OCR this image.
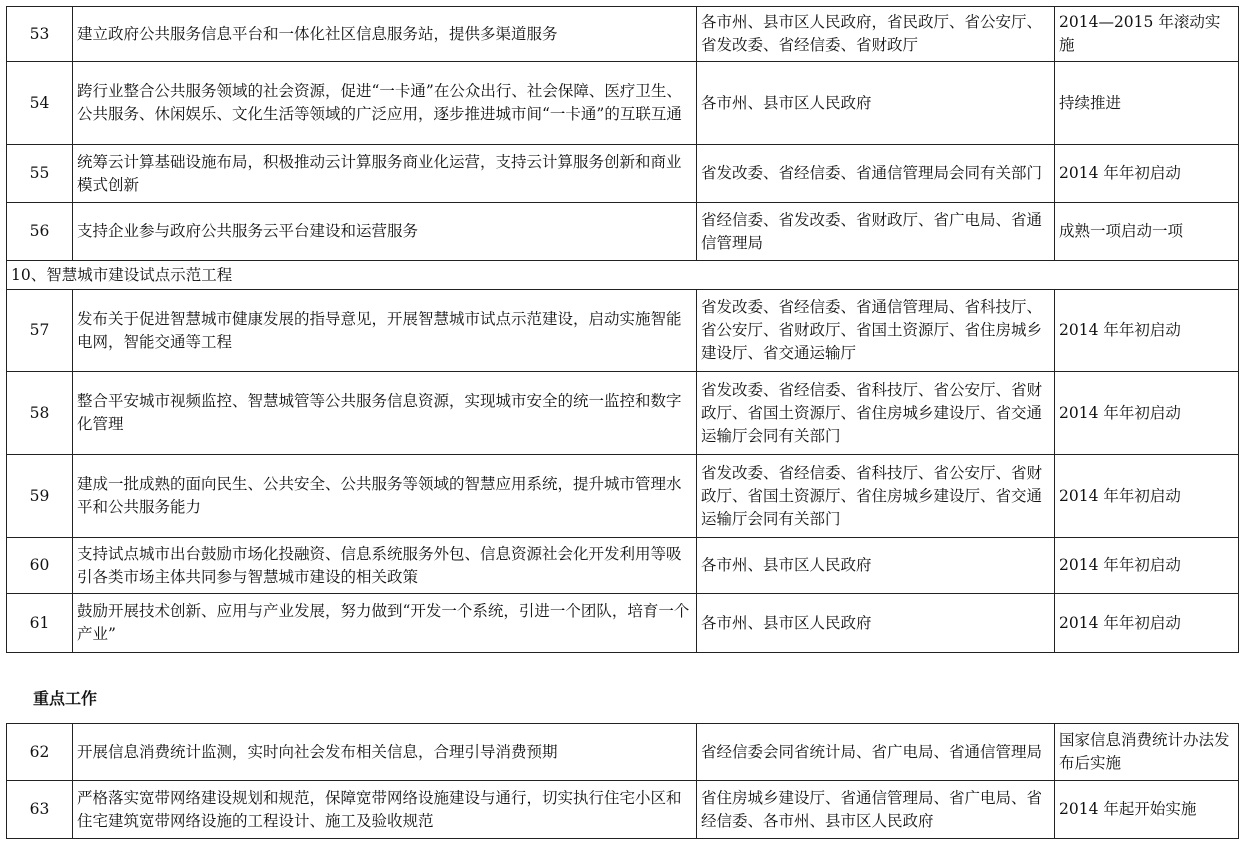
53	建立政府公共服务信息平台和一体化社区信息服务站，提供多渠道服务	各市州、县市区人民政府，省民政厅、省公安厅、省发改委、省经信委、省财政厅	2014—2015 年滚动实施
54	跨行业整合公共服务领域的社会资源，促进“一卡通”在公众出行、社会保障、医疗卫生、公共服务、休闲娱乐、文化生活等领域的广泛应用，逐步推进城市间“一卡通”的互联互通	各市州、县市区人民政府	持续推进
55	统筹云计算基础设施布局，积极推动云计算服务商业化运营，支持云计算服务创新和商业模式创新	省发改委、省经信委、省通信管理局会同有关部门	2014 年年初启动
56	支持企业参与政府公共服务云平台建设和运营服务	省经信委、省发改委、省财政厅、省广电局、省通信管理局	成熟一项启动一项
10、智慧城市建设试点示范工程			
57	发布关于促进智慧城市健康发展的指导意见，开展智慧城市试点示范建设，启动实施智能电网，智能交通等工程	省发改委、省经信委、省通信管理局、省科技厅、省公安厅、省财政厅、省国土资源厅、省住房城乡建设厅、省交通运输厅	2014 年年初启动
58	整合平安城市视频监控、智慧城管等公共服务信息资源，实现城市安全的统一监控和数字化管理	省发改委、省经信委、省科技厅、省公安厅、省财政厅、省国土资源厅、省住房城乡建设厅、省交通运输厅会同有关部门	2014 年年初启动
59	建成一批成熟的面向民生、公共安全、公共服务等领域的智慧应用系统，提升城市管理水平和公共服务能力	省发改委、省经信委、省科技厅、省公安厅、省财政厅、省国土资源厅、省住房城乡建设厅、省交通运输厅会同有关部门	2014 年年初启动
60	支持试点城市出台鼓励市场化投融资、信息系统服务外包、信息资源社会化开发利用等吸引各类市场主体共同参与智慧城市建设的相关政策	各市州、县市区人民政府	2014 年年初启动
61	鼓励开展技术创新、应用与产业发展，努力做到“开发一个系统，引进一个团队，培育一个产业”	各市州、县市区人民政府	2014 年年初启动
重点工作
62	开展信息消费统计监测，实时向社会发布相关信息，合理引导消费预期	省经信委会同省统计局、省广电局、省通信管理局	国家信息消费统计办法发布后实施
63	严格落实宽带网络建设规划和规范，保障宽带网络设施建设与通行，切实执行住宅小区和住宅建筑宽带网络设施的工程设计、施工及验收规范	省住房城乡建设厅、省通信管理局、省广电局、省经信委、各市州、县市区人民政府	2014 年起开始实施
